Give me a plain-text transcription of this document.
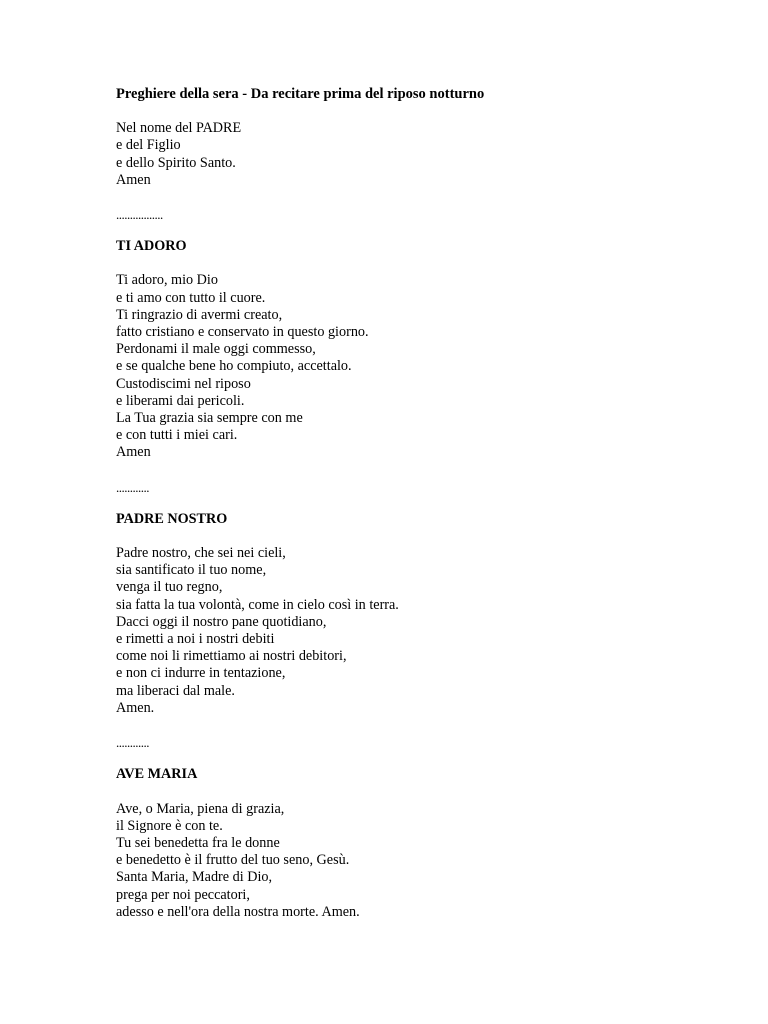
Preghiere della sera - Da recitare prima del riposo notturno
Nel nome del PADRE
e del Figlio
e dello Spirito Santo.
Amen
.................
TI ADORO
Ti adoro, mio Dio
e ti amo con tutto il cuore.
Ti ringrazio di avermi creato,
fatto cristiano e conservato in questo giorno.
Perdonami il male oggi commesso,
e se qualche bene ho compiuto, accettalo.
Custodiscimi nel riposo
e liberami dai pericoli.
La Tua grazia sia sempre con me
e con tutti i miei cari.
Amen
............
PADRE NOSTRO
Padre nostro, che sei nei cieli,
sia santificato il tuo nome,
venga il tuo regno,
sia fatta la tua volontà, come in cielo così in terra.
Dacci oggi il nostro pane quotidiano,
e rimetti a noi i nostri debiti
come noi li rimettiamo ai nostri debitori,
e non ci indurre in tentazione,
ma liberaci dal male.
Amen.
............
AVE MARIA
Ave, o Maria, piena di grazia,
il Signore è con te.
Tu sei benedetta fra le donne
e benedetto è il frutto del tuo seno, Gesù.
Santa Maria, Madre di Dio,
prega per noi peccatori,
adesso e nell'ora della nostra morte. Amen.
